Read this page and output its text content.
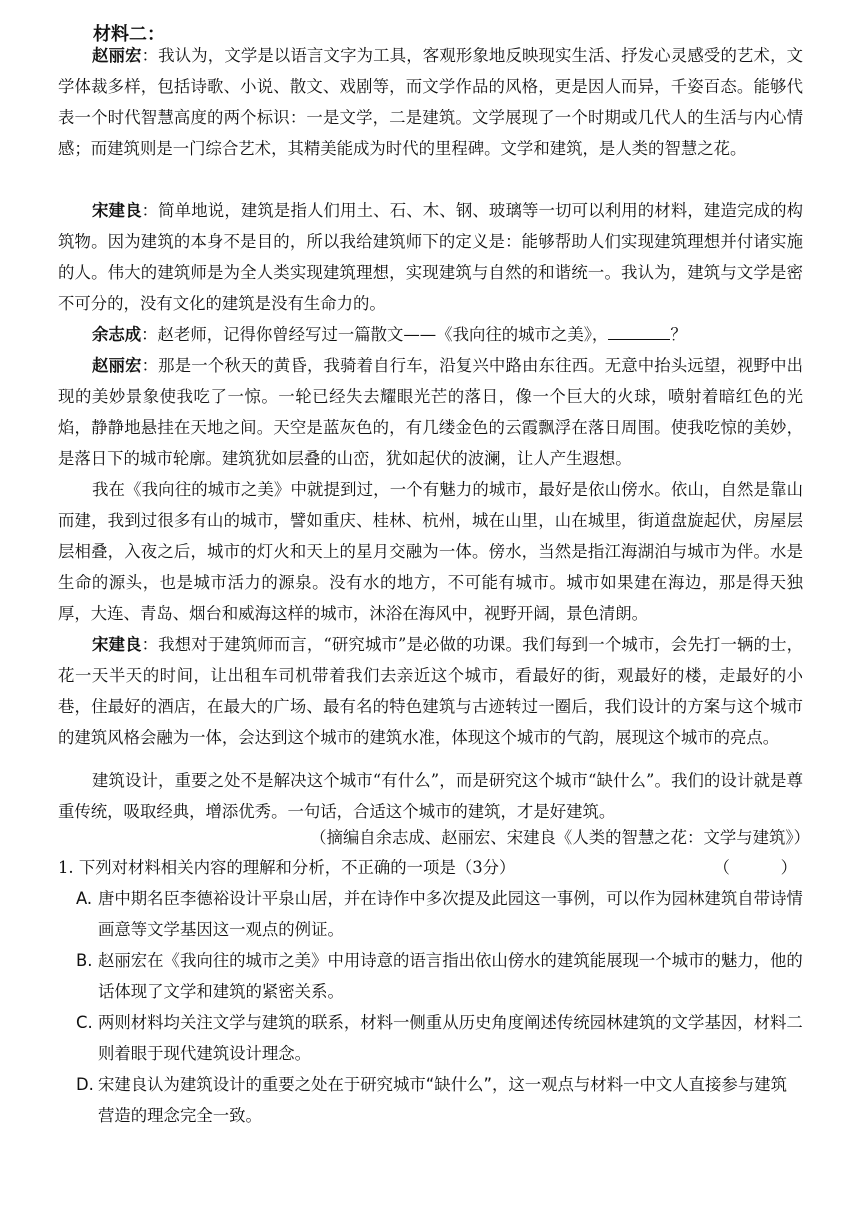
材料二：

赵丽宏：我认为，文学是以语言文字为工具，客观形象地反映现实生活、抒发心灵感受的艺术，文学体裁多样，包括诗歌、小说、散文、戏剧等，而文学作品的风格，更是因人而异，千姿百态。能够代表一个时代智慧高度的两个标识：一是文学，二是建筑。文学展现了一个时期或几代人的生活与内心情感；而建筑则是一门综合艺术，其精美能成为时代的里程碑。文学和建筑，是人类的智慧之花。

宋建良：简单地说，建筑是指人们用土、石、木、钢、玻璃等一切可以利用的材料，建造完成的构筑物。因为建筑的本身不是目的，所以我给建筑师下的定义是：能够帮助人们实现建筑理想并付诸实施的人。伟大的建筑师是为全人类实现建筑理想，实现建筑与自然的和谐统一。我认为，建筑与文学是密不可分的，没有文化的建筑是没有生命力的。

余志成：赵老师，记得你曾经写过一篇散文——《我向往的城市之美》，	？

赵丽宏：那是一个秋天的黄昏，我骑着自行车，沿复兴中路由东往西。无意中抬头远望，视野中出现的美妙景象使我吃了一惊。一轮已经失去耀眼光芒的落日，像一个巨大的火球，喷射着暗红色的光焰，静静地悬挂在天地之间。天空是蓝灰色的，有几缕金色的云霞飘浮在落日周围。使我吃惊的美妙，是落日下的城市轮廓。建筑犹如层叠的山峦，犹如起伏的波澜，让人产生遐想。

我在《我向往的城市之美》中就提到过，一个有魅力的城市，最好是依山傍水。依山，自然是靠山而建，我到过很多有山的城市，譬如重庆、桂林、杭州，城在山里，山在城里，街道盘旋起伏，房屋层层相叠，入夜之后，城市的灯火和天上的星月交融为一体。傍水，当然是指江海湖泊与城市为伴。水是生命的源头，也是城市活力的源泉。没有水的地方，不可能有城市。城市如果建在海边，那是得天独厚，大连、青岛、烟台和威海这样的城市，沐浴在海风中，视野开阔，景色清朗。

宋建良：我想对于建筑师而言，“研究城市”是必做的功课。我们每到一个城市，会先打一辆的士，花一天半天的时间，让出租车司机带着我们去亲近这个城市，看最好的街，观最好的楼，走最好的小巷，住最好的酒店，在最大的广场、最有名的特色建筑与古迹转过一圈后，我们设计的方案与这个城市的建筑风格会融为一体，会达到这个城市的建筑水准，体现这个城市的气韵，展现这个城市的亮点。

建筑设计，重要之处不是解决这个城市“有什么”，而是研究这个城市“缺什么”。我们的设计就是尊重传统，吸取经典，增添优秀。一句话，合适这个城市的建筑，才是好建筑。

（摘编自余志成、赵丽宏、宋建良《人类的智慧之花：文学与建筑》）
1. 下列对材料相关内容的理解和分析，不正确的一项是（3分）	（　　）
A. 唐中期名臣李德裕设计平泉山居，并在诗作中多次提及此园这一事例，可以作为园林建筑自带诗情画意等文学基因这一观点的例证。
B. 赵丽宏在《我向往的城市之美》中用诗意的语言指出依山傍水的建筑能展现一个城市的魅力，他的话体现了文学和建筑的紧密关系。
C. 两则材料均关注文学与建筑的联系，材料一侧重从历史角度阐述传统园林建筑的文学基因，材料二则着眼于现代建筑设计理念。
D. 宋建良认为建筑设计的重要之处在于研究城市“缺什么”，这一观点与材料一中文人直接参与建筑营造的理念完全一致。
